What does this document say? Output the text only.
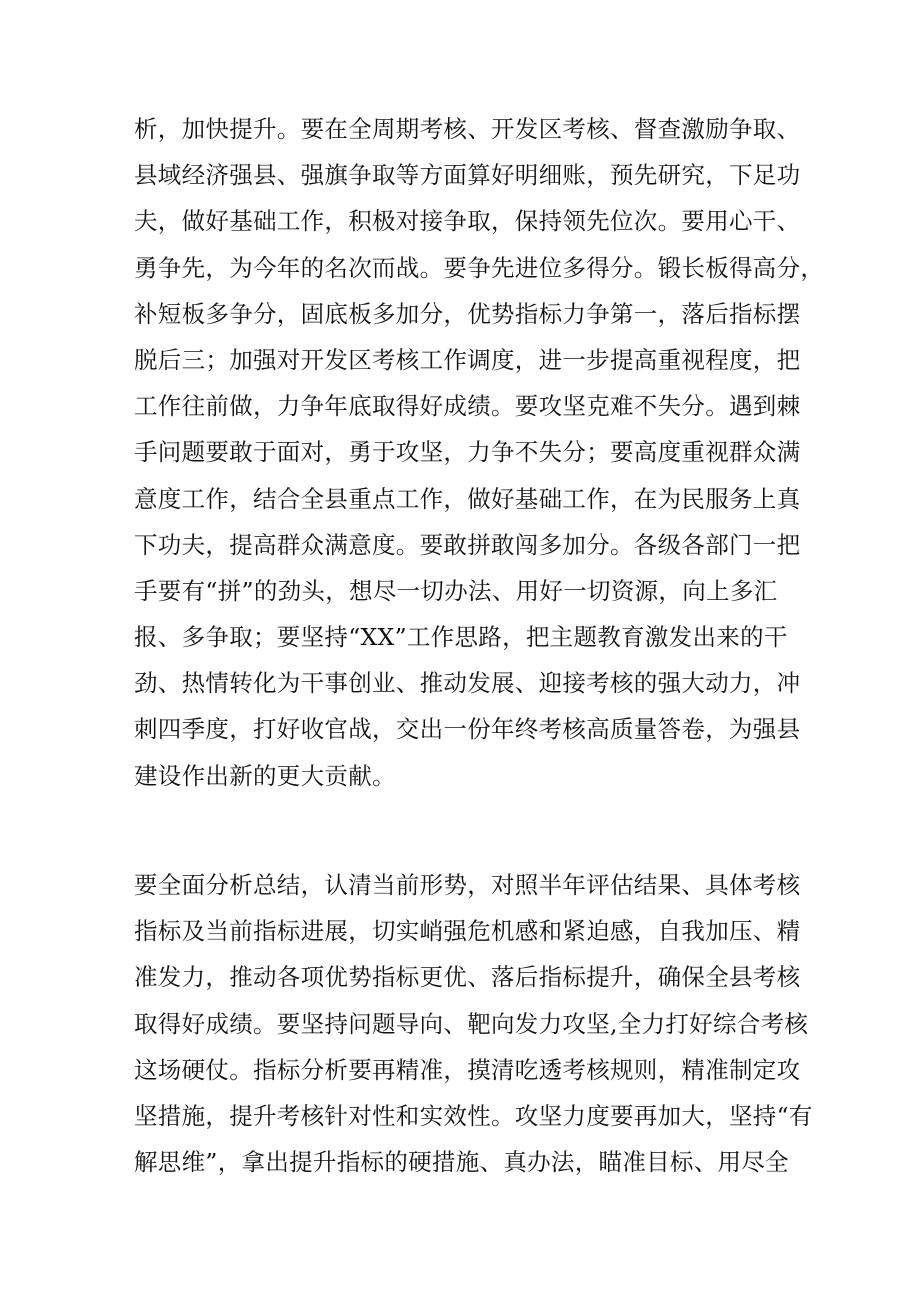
析，加快提升。要在全周期考核、开发区考核、督查激励争取、
县域经济强县、强旗争取等方面算好明细账，预先研究，下足功
夫，做好基础工作，积极对接争取，保持领先位次。要用心干、
勇争先，为今年的名次而战。要争先进位多得分。锻长板得高分，
补短板多争分，固底板多加分，优势指标力争第一，落后指标摆
脱后三；加强对开发区考核工作调度，进一步提高重视程度，把
工作往前做，力争年底取得好成绩。要攻坚克难不失分。遇到棘
手问题要敢于面对，勇于攻坚，力争不失分；要高度重视群众满
意度工作，结合全县重点工作，做好基础工作，在为民服务上真
下功夫，提高群众满意度。要敢拼敢闯多加分。各级各部门一把
手要有“拼”的劲头，想尽一切办法、用好一切资源，向上多汇
报、多争取；要坚持“XX”工作思路，把主题教育激发出来的干
劲、热情转化为干事创业、推动发展、迎接考核的强大动力，冲
刺四季度，打好收官战，交出一份年终考核高质量答卷，为强县
建设作出新的更大贡献。
要全面分析总结，认清当前形势，对照半年评估结果、具体考核
指标及当前指标进展，切实峭强危机感和紧迫感，自我加压、精
准发力，推动各项优势指标更优、落后指标提升，确保全县考核
取得好成绩。要坚持问题导向、靶向发力攻坚,全力打好综合考核
这场硬仗。指标分析要再精准，摸清吃透考核规则，精准制定攻
坚措施，提升考核针对性和实效性。攻坚力度要再加大，坚持“有
解思维”，拿出提升指标的硬措施、真办法，瞄准目标、用尽全
